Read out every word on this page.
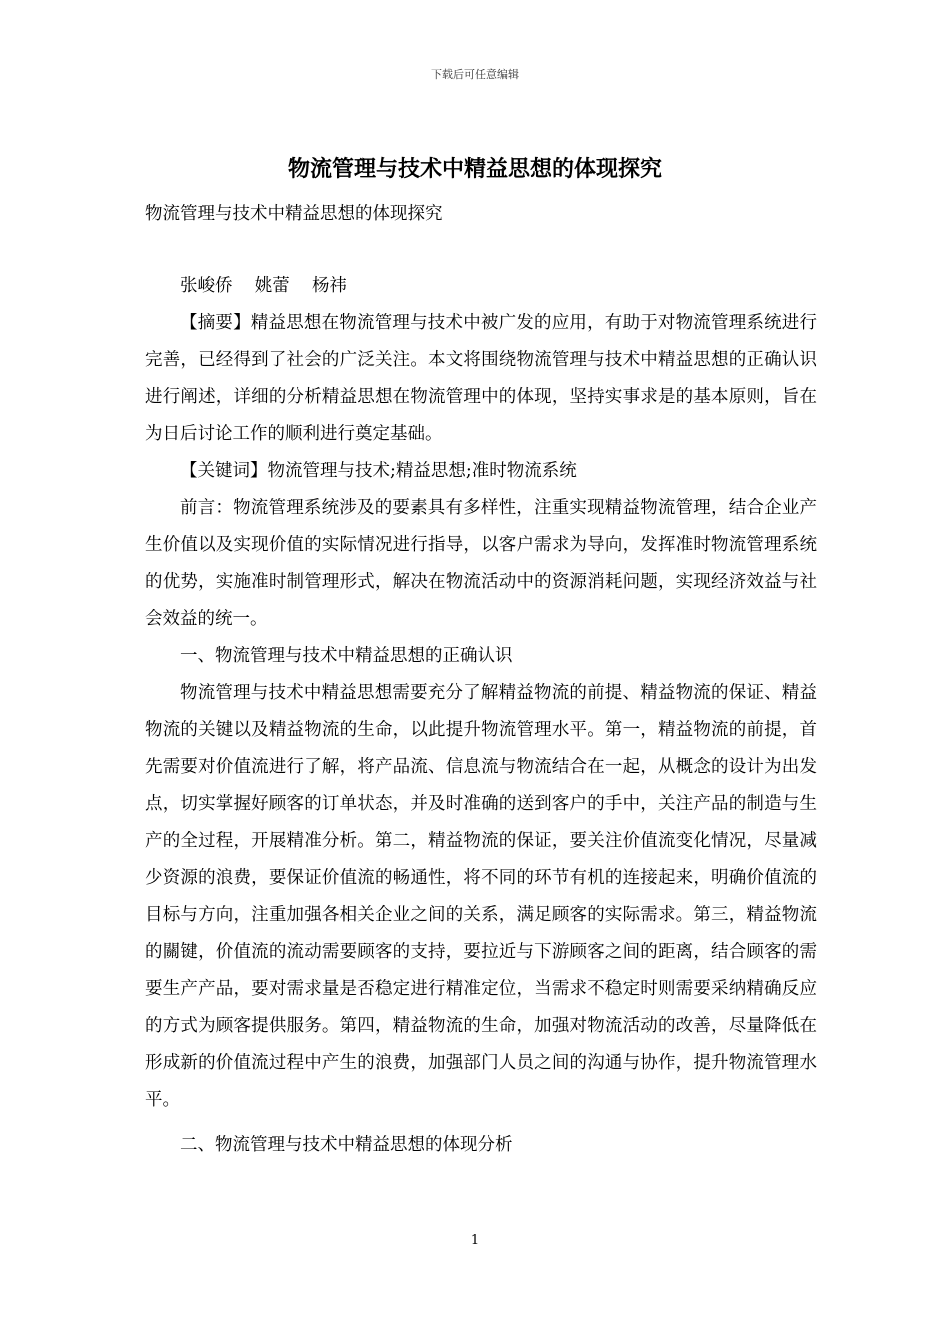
下载后可任意编辑
物流管理与技术中精益思想的体现探究

物流管理与技术中精益思想的体现探究

张峻侨    姚蕾    杨祎

【摘要】精益思想在物流管理与技术中被广发的应用，有助于对物流管理系统进行完善，已经得到了社会的广泛关注。本文将围绕物流管理与技术中精益思想的正确认识进行阐述，详细的分析精益思想在物流管理中的体现，坚持实事求是的基本原则，旨在为日后讨论工作的顺利进行奠定基础。

【关键词】物流管理与技术;精益思想;准时物流系统

前言：物流管理系统涉及的要素具有多样性，注重实现精益物流管理，结合企业产生价值以及实现价值的实际情况进行指导，以客户需求为导向，发挥准时物流管理系统的优势，实施准时制管理形式，解决在物流活动中的资源消耗问题，实现经济效益与社会效益的统一。

一、物流管理与技术中精益思想的正确认识

物流管理与技术中精益思想需要充分了解精益物流的前提、精益物流的保证、精益物流的关键以及精益物流的生命，以此提升物流管理水平。第一，精益物流的前提，首先需要对价值流进行了解，将产品流、信息流与物流结合在一起，从概念的设计为出发点，切实掌握好顾客的订单状态，并及时准确的送到客户的手中，关注产品的制造与生产的全过程，开展精准分析。第二，精益物流的保证，要关注价值流变化情况，尽量减少资源的浪费，要保证价值流的畅通性，将不同的环节有机的连接起来，明确价值流的目标与方向，注重加强各相关企业之间的关系，满足顾客的实际需求。第三，精益物流的關键，价值流的流动需要顾客的支持，要拉近与下游顾客之间的距离，结合顾客的需要生产产品，要对需求量是否稳定进行精准定位，当需求不稳定时则需要采纳精确反应的方式为顾客提供服务。第四，精益物流的生命，加强对物流活动的改善，尽量降低在形成新的价值流过程中产生的浪费，加强部门人员之间的沟通与协作，提升物流管理水平。

二、物流管理与技术中精益思想的体现分析

1
